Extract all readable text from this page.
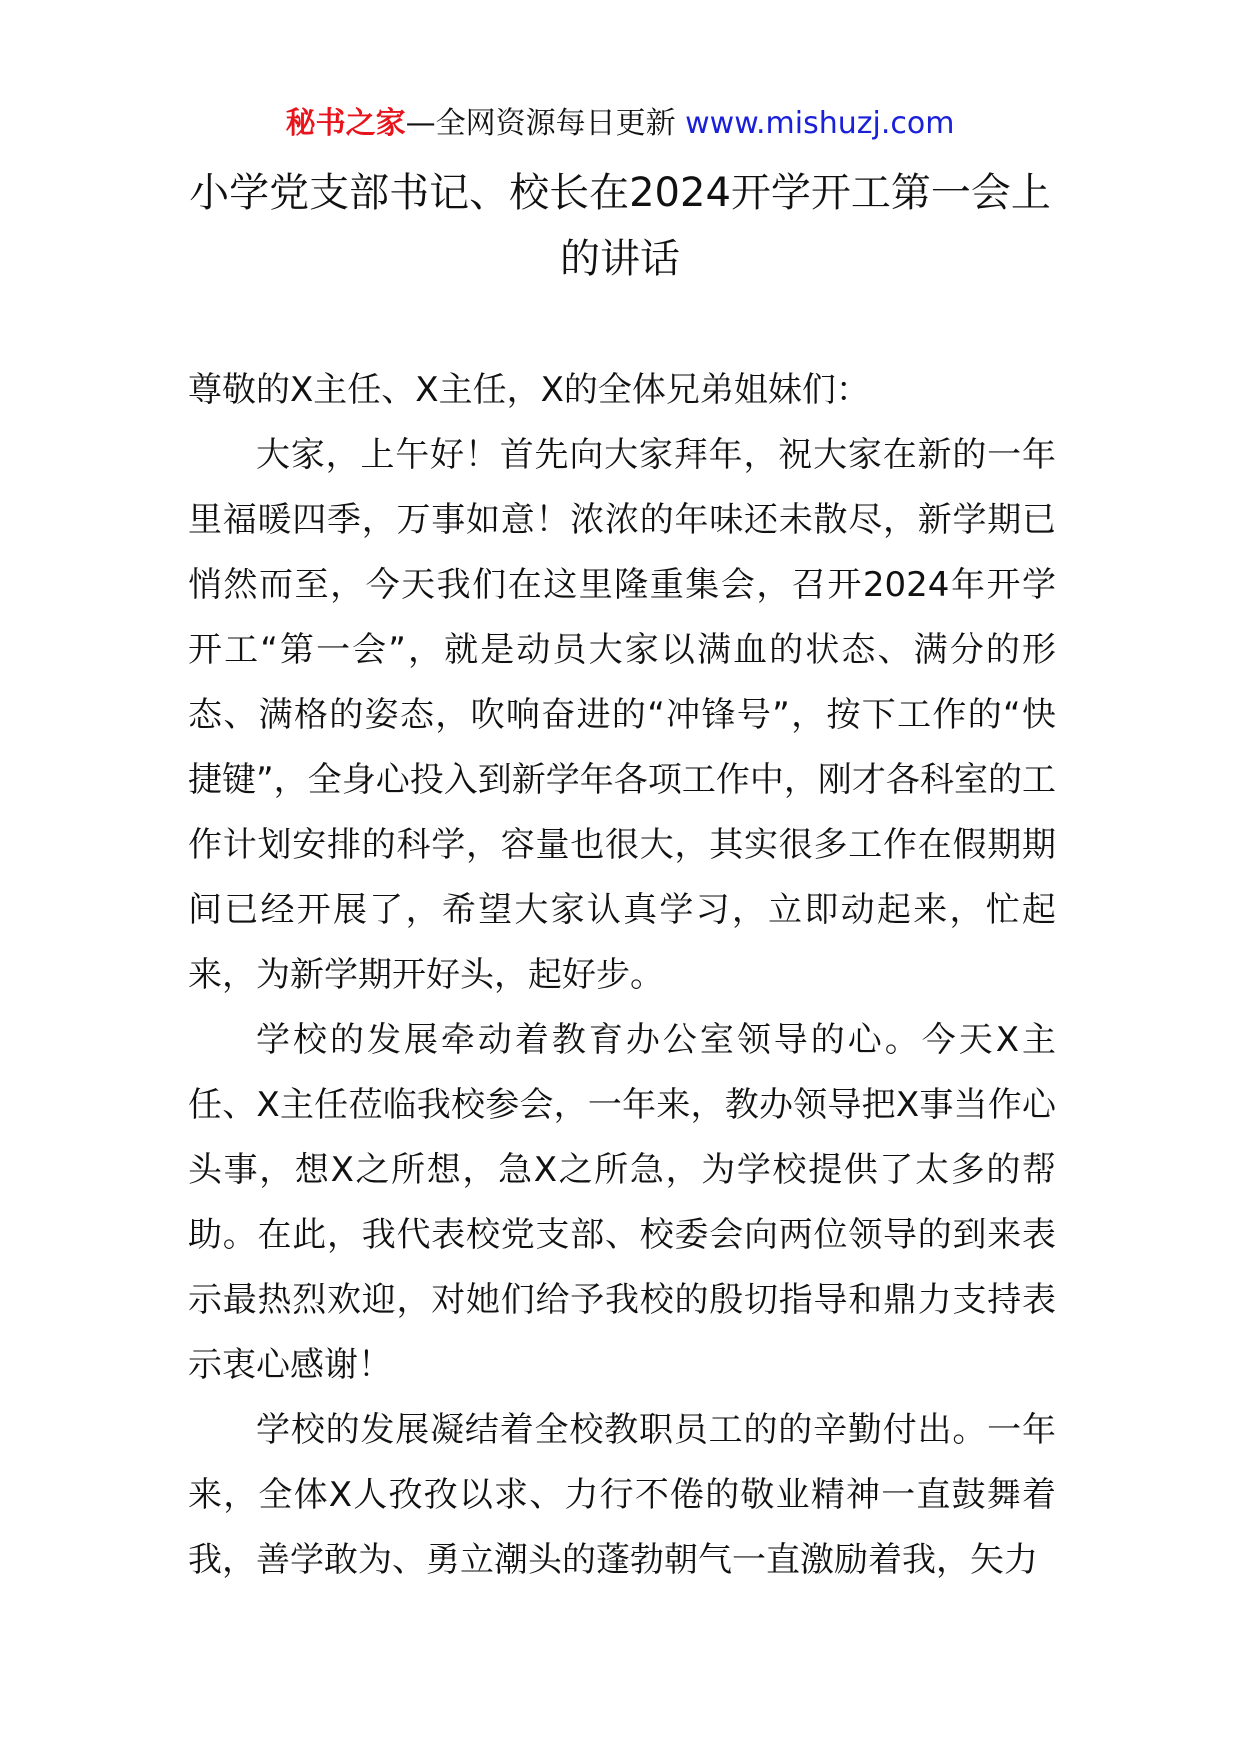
秘书之家—全网资源每日更新 www.mishuzj.com
小学党支部书记、校长在2024开学开工第一会上的讲话

尊敬的X主任、X主任，X的全体兄弟姐妹们：

大家，上午好！首先向大家拜年，祝大家在新的一年里福暖四季，万事如意！浓浓的年味还未散尽，新学期已悄然而至，今天我们在这里隆重集会，召开2024年开学开工“第一会”，就是动员大家以满血的状态、满分的形态、满格的姿态，吹响奋进的“冲锋号”，按下工作的“快捷键”，全身心投入到新学年各项工作中，刚才各科室的工作计划安排的科学，容量也很大，其实很多工作在假期期间已经开展了，希望大家认真学习，立即动起来，忙起来，为新学期开好头，起好步。

学校的发展牵动着教育办公室领导的心。今天X主任、X主任莅临我校参会，一年来，教办领导把X事当作心头事，想X之所想，急X之所急，为学校提供了太多的帮助。在此，我代表校党支部、校委会向两位领导的到来表示最热烈欢迎，对她们给予我校的殷切指导和鼎力支持表示衷心感谢！

学校的发展凝结着全校教职员工的的辛勤付出。一年来，全体X人孜孜以求、力行不倦的敬业精神一直鼓舞着我，善学敢为、勇立潮头的蓬勃朝气一直激励着我，矢力
